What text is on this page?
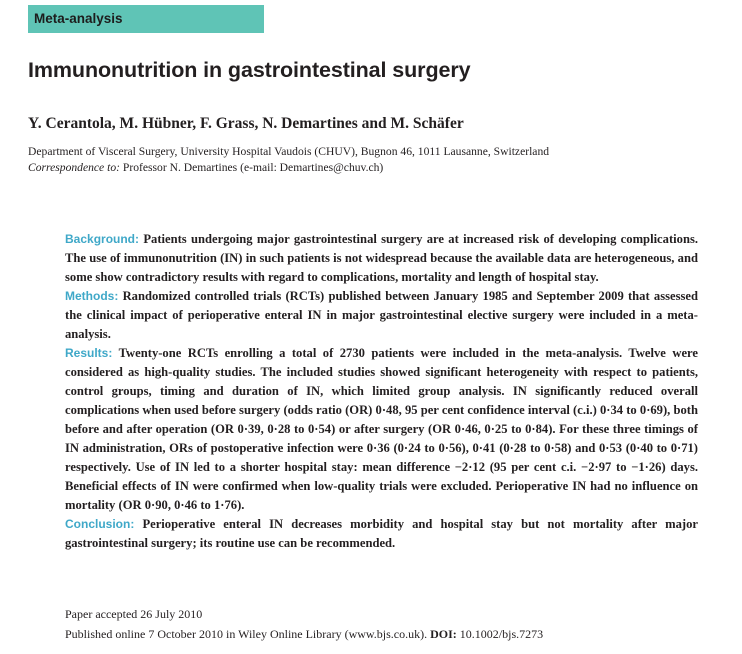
Meta-analysis
Immunonutrition in gastrointestinal surgery
Y. Cerantola, M. Hübner, F. Grass, N. Demartines and M. Schäfer
Department of Visceral Surgery, University Hospital Vaudois (CHUV), Bugnon 46, 1011 Lausanne, Switzerland
Correspondence to: Professor N. Demartines (e-mail: Demartines@chuv.ch)

Background: Patients undergoing major gastrointestinal surgery are at increased risk of developing complications. The use of immunonutrition (IN) in such patients is not widespread because the available data are heterogeneous, and some show contradictory results with regard to complications, mortality and length of hospital stay.

Methods: Randomized controlled trials (RCTs) published between January 1985 and September 2009 that assessed the clinical impact of perioperative enteral IN in major gastrointestinal elective surgery were included in a meta-analysis.

Results: Twenty-one RCTs enrolling a total of 2730 patients were included in the meta-analysis. Twelve were considered as high-quality studies. The included studies showed significant heterogeneity with respect to patients, control groups, timing and duration of IN, which limited group analysis. IN significantly reduced overall complications when used before surgery (odds ratio (OR) 0·48, 95 per cent confidence interval (c.i.) 0·34 to 0·69), both before and after operation (OR 0·39, 0·28 to 0·54) or after surgery (OR 0·46, 0·25 to 0·84). For these three timings of IN administration, ORs of postoperative infection were 0·36 (0·24 to 0·56), 0·41 (0·28 to 0·58) and 0·53 (0·40 to 0·71) respectively. Use of IN led to a shorter hospital stay: mean difference −2·12 (95 per cent c.i. −2·97 to −1·26) days. Beneficial effects of IN were confirmed when low-quality trials were excluded. Perioperative IN had no influence on mortality (OR 0·90, 0·46 to 1·76).

Conclusion: Perioperative enteral IN decreases morbidity and hospital stay but not mortality after major gastrointestinal surgery; its routine use can be recommended.

Paper accepted 26 July 2010
Published online 7 October 2010 in Wiley Online Library (www.bjs.co.uk). DOI: 10.1002/bjs.7273
